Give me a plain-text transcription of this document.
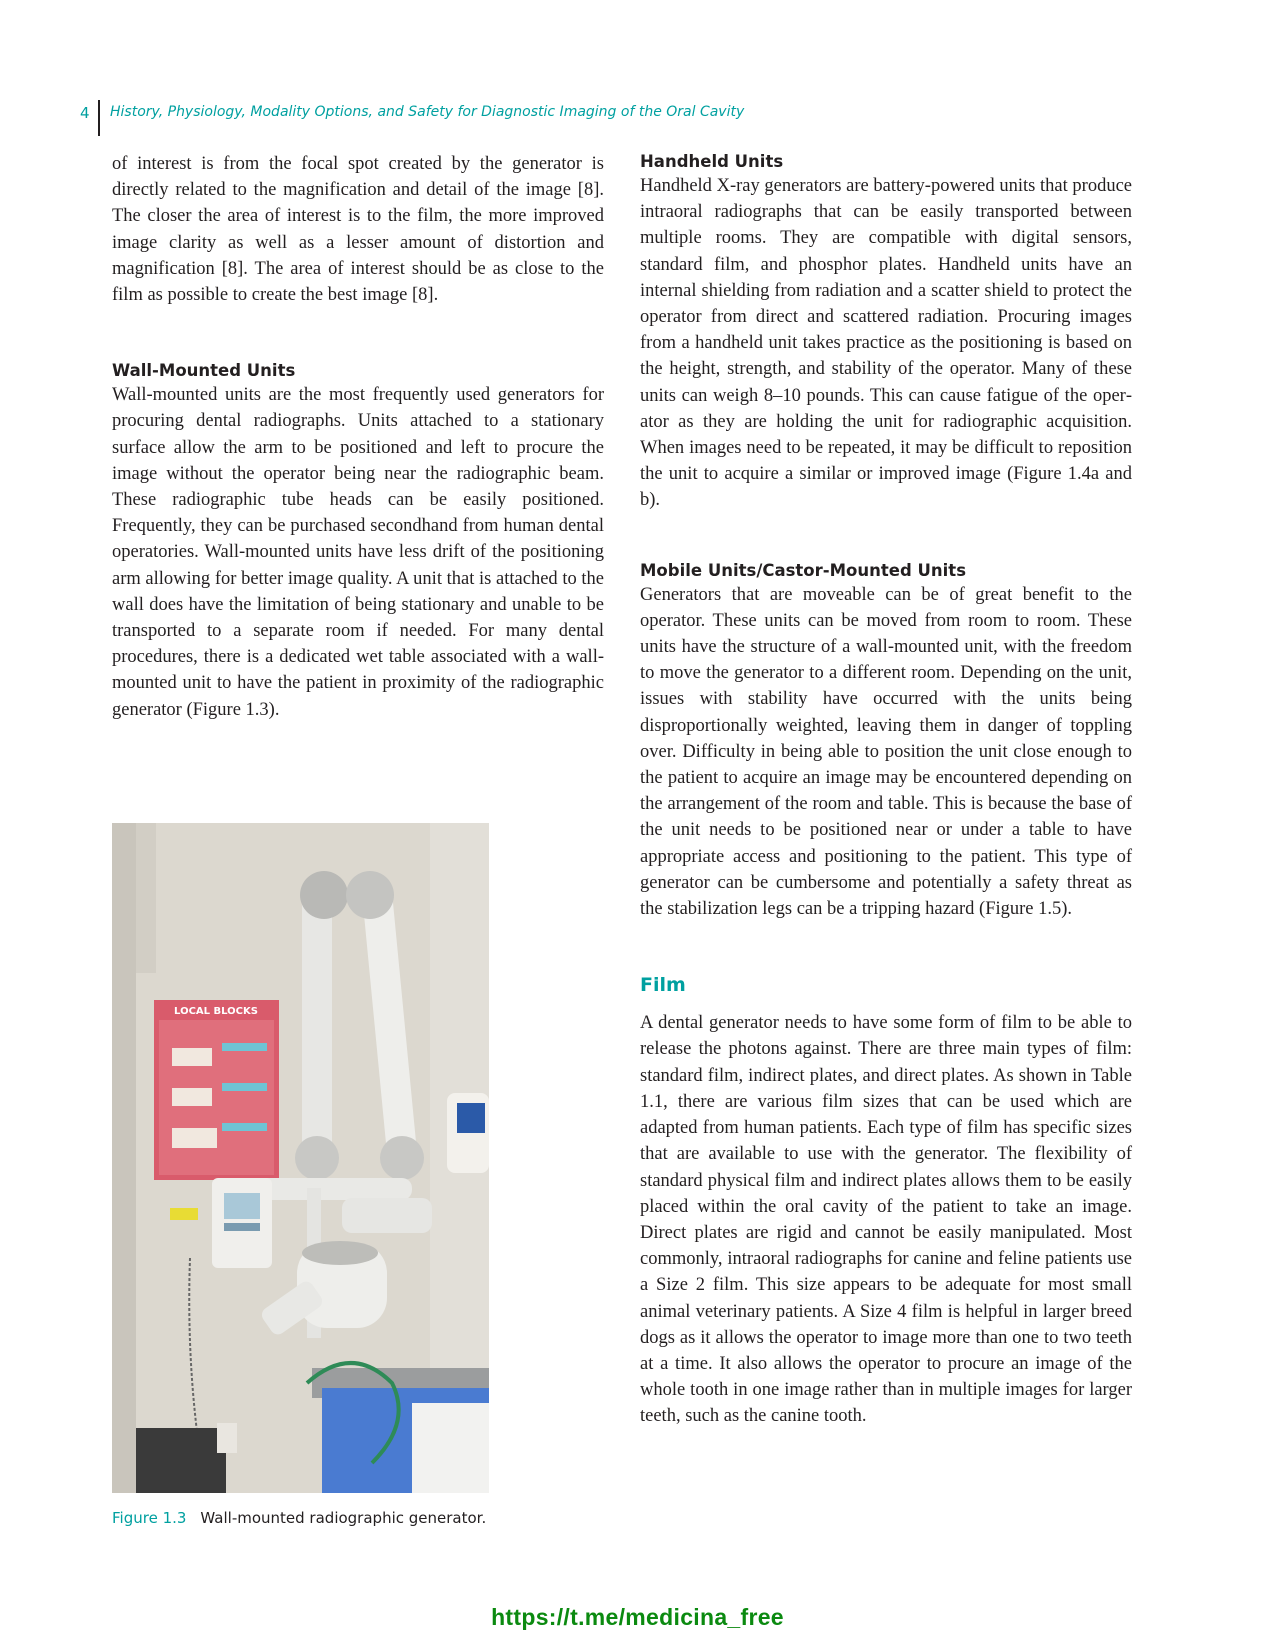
4	History, Physiology, Modality Options, and Safety for Diagnostic Imaging of the Oral Cavity

of interest is from the focal spot created by the generator is directly related to the magnification and detail of the image [8]. The closer the area of interest is to the film, the more improved image clarity as well as a lesser amount of distortion and magnification [8]. The area of interest should be as close to the film as possible to create the best image [8].

Wall-Mounted Units

Wall-mounted units are the most frequently used generators for procuring dental radiographs. Units attached to a stationary surface allow the arm to be positioned and left to procure the image without the operator being near the radiographic beam. These radiographic tube heads can be easily positioned. Frequently, they can be purchased secondhand from human dental operatories. Wall-mounted units have less drift of the positioning arm allowing for better image quality. A unit that is attached to the wall does have the limitation of being stationary and unable to be transported to a separate room if needed. For many dental procedures, there is a dedicated wet table associated with a wall-mounted unit to have the patient in proximity of the radiographic generator (Figure 1.3).

LOCAL BLOCKS
Figure 1.3 Wall-mounted radiographic generator.
Handheld Units

Handheld X-ray generators are battery-powered units that produce intraoral radiographs that can be easily transported between multiple rooms. They are compatible with digital sensors, standard film, and phosphor plates. Handheld units have an internal shielding from radiation and a scatter shield to protect the operator from direct and scattered radiation. Procuring images from a handheld unit takes practice as the positioning is based on the height, strength, and stability of the operator. Many of these units can weigh 8–10 pounds. This can cause fatigue of the operator as they are holding the unit for radiographic acquisition. When images need to be repeated, it may be difficult to reposition the unit to acquire a similar or improved image (Figure 1.4a and b).

Mobile Units/Castor-Mounted Units

Generators that are moveable can be of great benefit to the operator. These units can be moved from room to room. These units have the structure of a wall-mounted unit, with the freedom to move the generator to a different room. Depending on the unit, issues with stability have occurred with the units being disproportionally weighted, leaving them in danger of toppling over. Difficulty in being able to position the unit close enough to the patient to acquire an image may be encountered depending on the arrangement of the room and table. This is because the base of the unit needs to be positioned near or under a table to have appropriate access and positioning to the patient. This type of generator can be cumbersome and potentially a safety threat as the stabilization legs can be a tripping hazard (Figure 1.5).

Film

A dental generator needs to have some form of film to be able to release the photons against. There are three main types of film: standard film, indirect plates, and direct plates. As shown in Table 1.1, there are various film sizes that can be used which are adapted from human patients. Each type of film has specific sizes that are available to use with the generator. The flexibility of standard physical film and indirect plates allows them to be easily placed within the oral cavity of the patient to take an image. Direct plates are rigid and cannot be easily manipulated. Most commonly, intraoral radiographs for canine and feline patients use a Size 2 film. This size appears to be adequate for most small animal veterinary patients. A Size 4 film is helpful in larger breed dogs as it allows the operator to image more than one to two teeth at a time. It also allows the operator to procure an image of the whole tooth in one image rather than in multiple images for larger teeth, such as the canine tooth.

https://t.me/medicina_free
